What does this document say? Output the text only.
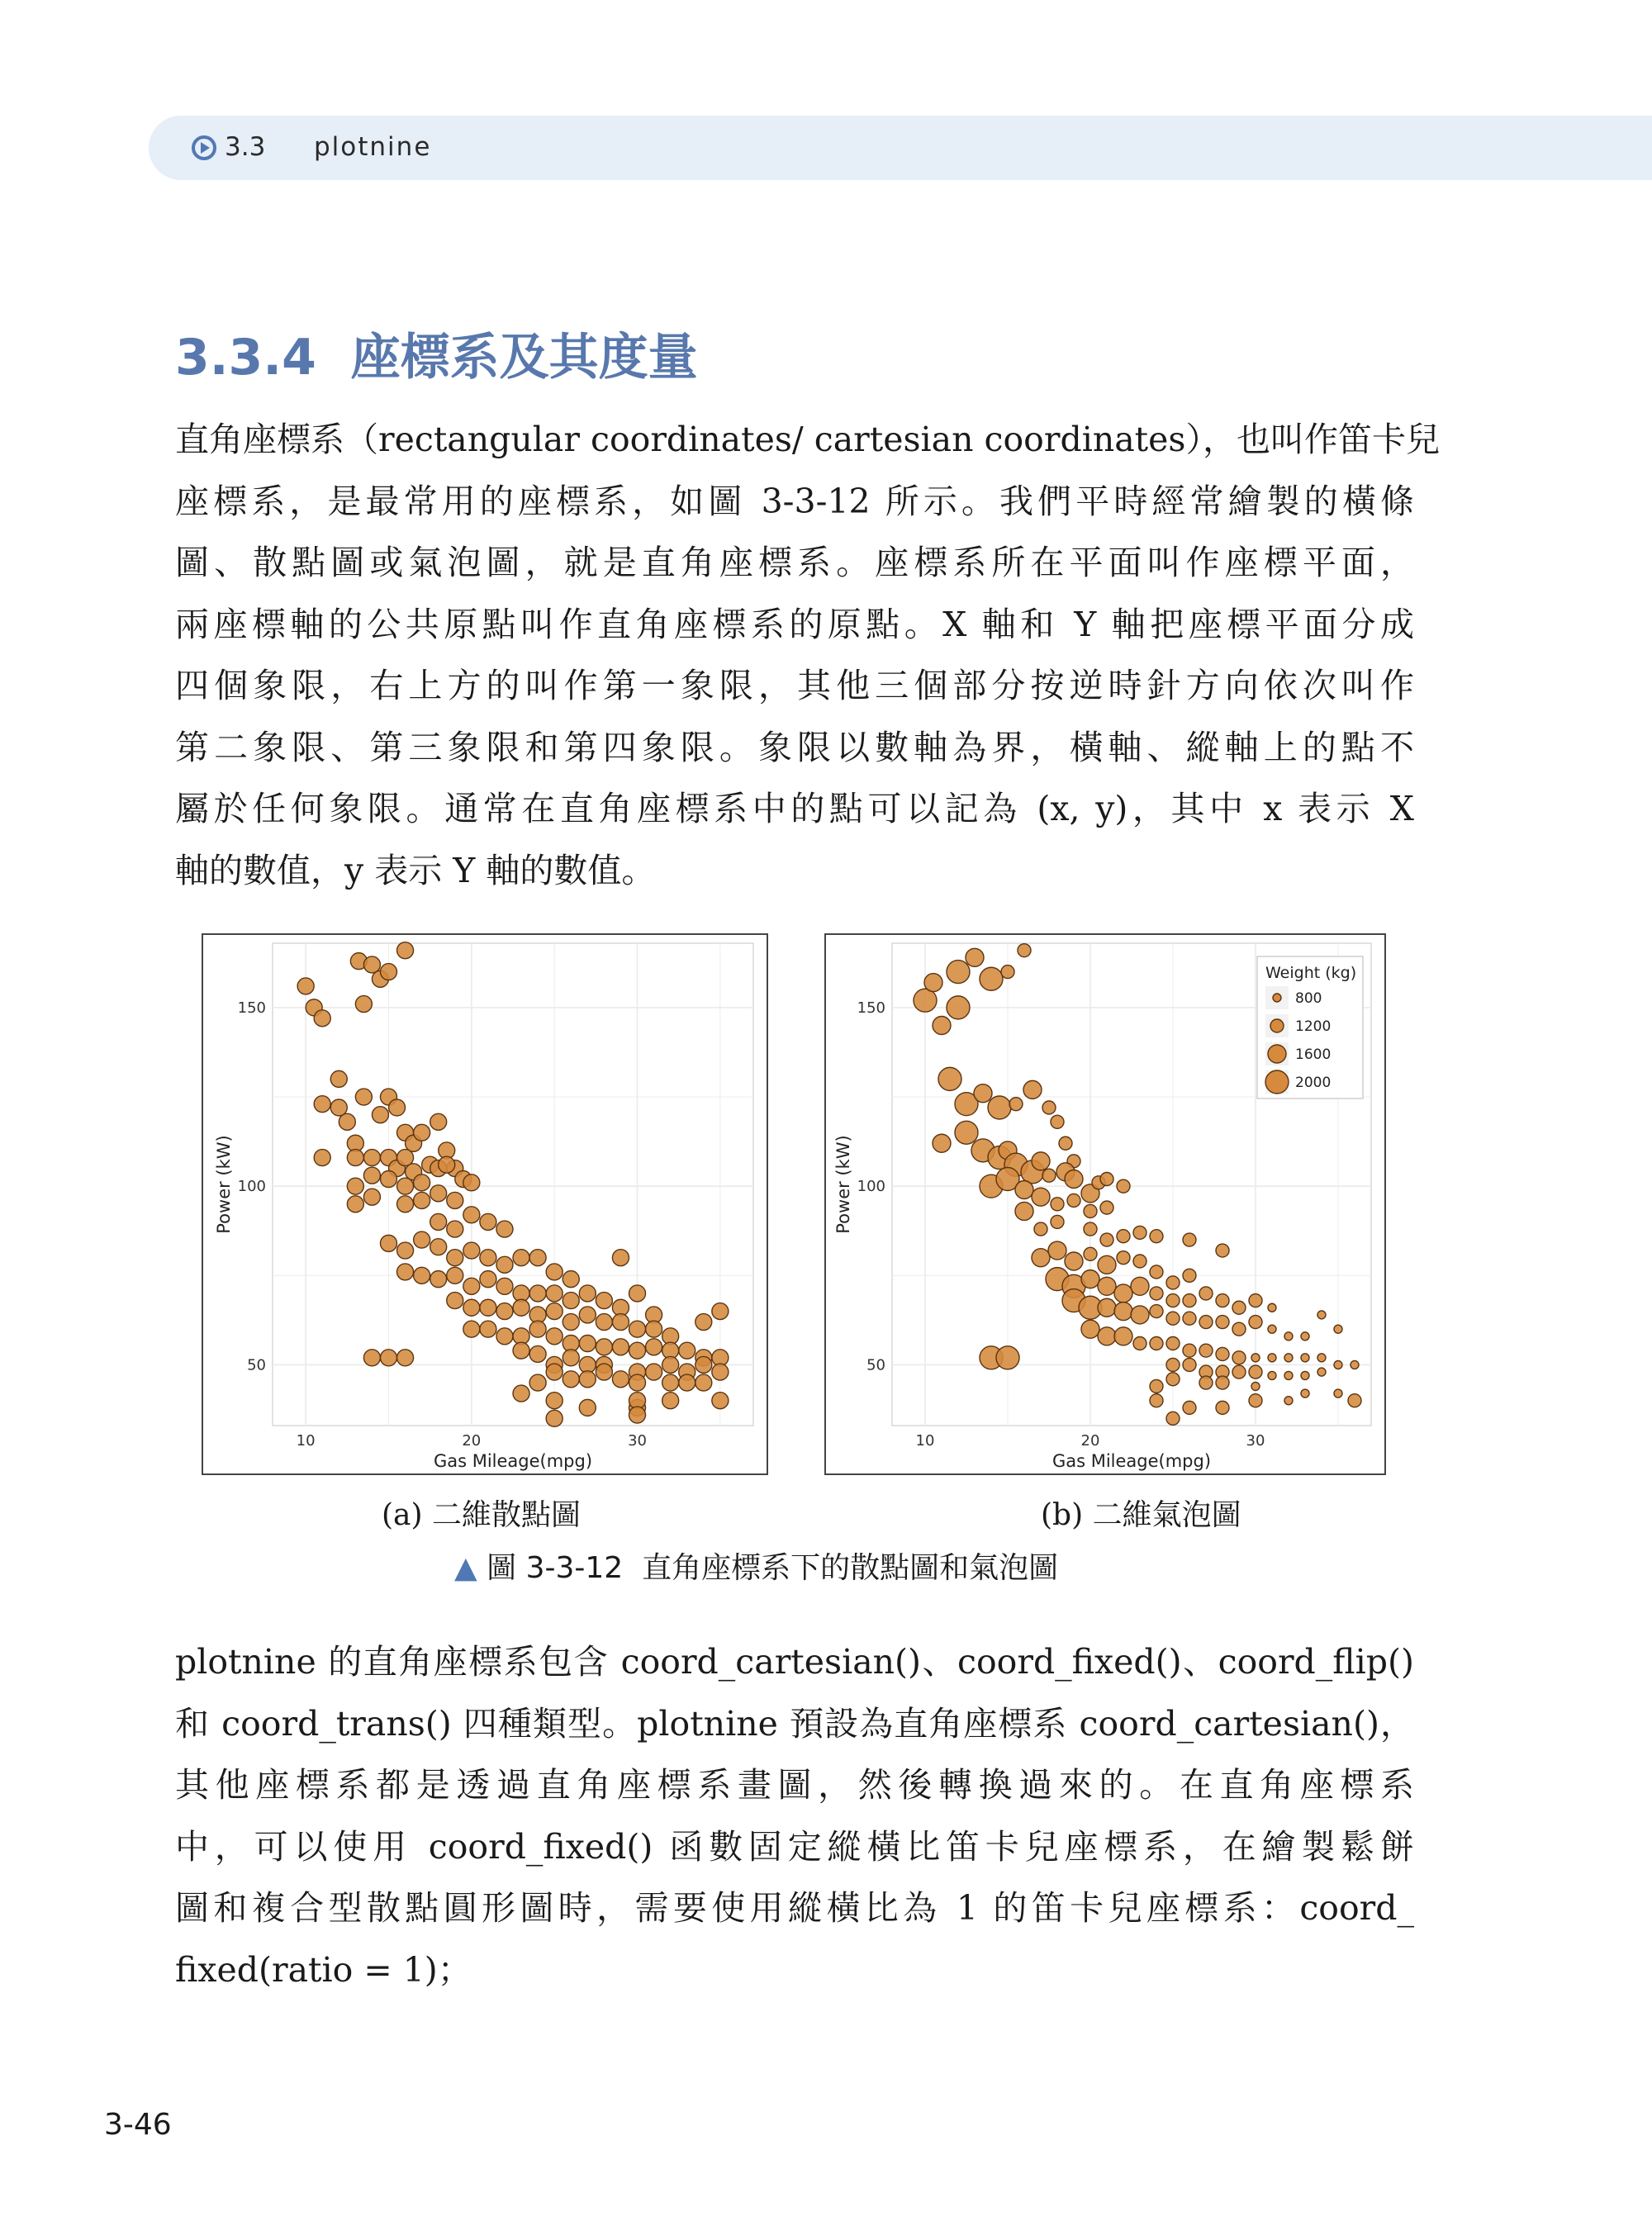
3.3 plotnine
3.3.4 座標系及其度量
直角座標系（rectangular coordinates/ cartesian coordinates），也叫作笛卡兒
座標系，是最常用的座標系，如圖 3-3-12 所示。我們平時經常繪製的橫條
圖、散點圖或氣泡圖，就是直角座標系。座標系所在平面叫作座標平面，
兩座標軸的公共原點叫作直角座標系的原點。X 軸和 Y 軸把座標平面分成
四個象限，右上方的叫作第一象限，其他三個部分按逆時針方向依次叫作
第二象限、第三象限和第四象限。象限以數軸為界，橫軸、縱軸上的點不
屬於任何象限。通常在直角座標系中的點可以記為 (x, y)，其中 x 表示 X
軸的數值，y 表示 Y 軸的數值。
10	20	30
50
100
150
Gas Mileage(mpg)
Power (kW)
10	20	30
50
100
150
Gas Mileage(mpg)
Power (kW)
Weight (kg)
800
1200
1600
2000
(a) 二維散點圖	(b) 二維氣泡圖
▲ 圖 3-3-12 直角座標系下的散點圖和氣泡圖
plotnine 的直角座標系包含 coord_cartesian()、coord_fixed()、coord_flip()
和 coord_trans() 四種類型。plotnine 預設為直角座標系 coord_cartesian()，
其他座標系都是透過直角座標系畫圖，然後轉換過來的。在直角座標系
中，可以使用 coord_fixed() 函數固定縱橫比笛卡兒座標系，在繪製鬆餅
圖和複合型散點圓形圖時，需要使用縱橫比為 1 的笛卡兒座標系：coord_
fixed(ratio = 1)；
3-46
